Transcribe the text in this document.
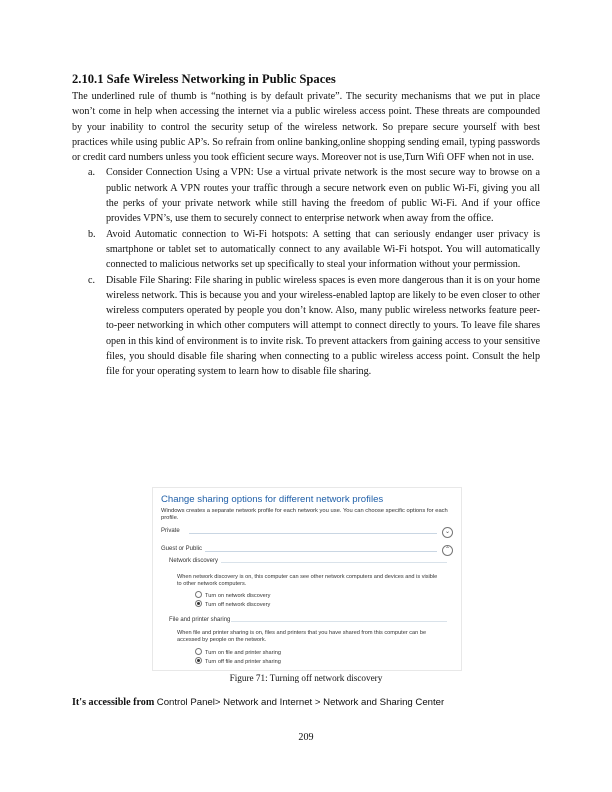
2.10.1 Safe Wireless Networking in Public Spaces

The underlined rule of thumb is “nothing is by default private”. The security mechanisms that we put in place won’t come in help when accessing the internet via a public wireless access point. These threats are compounded by your inability to control the security setup of the wireless network. So prepare secure yourself with best practices while using public AP’s. So refrain from online banking,online shopping sending email, typing passwords or credit card numbers unless you took efficient secure ways. Moreover not is use,Turn Wifi OFF when not in use.

a. Consider Connection Using a VPN: Use a virtual private network is the most secure way to browse on a public network A VPN routes your traffic through a secure network even on public Wi-Fi, giving you all the perks of your private network while still having the freedom of public Wi-Fi. And if your office provides VPN’s, use them to securely connect to enterprise network when away from the office.
b. Avoid Automatic connection to Wi-Fi hotspots: A setting that can seriously endanger user privacy is smartphone or tablet set to automatically connect to any available Wi-Fi hotspot. You will automatically connected to malicious networks set up specifically to steal your information without your permission.
c. Disable File Sharing: File sharing in public wireless spaces is even more dangerous than it is on your home wireless network. This is because you and your wireless-enabled laptop are likely to be even closer to other wireless computers operated by people you don’t know. Also, many public wireless networks feature peer-to-peer networking in which other computers will attempt to connect directly to yours. To leave file shares open in this kind of environment is to invite risk. To prevent attackers from gaining access to your sensitive files, you should disable file sharing when connecting to a public wireless access point. Consult the help file for your operating system to learn how to disable file sharing.
Change sharing options for different network profiles
Windows creates a separate network profile for each network you use. You can choose specific options for each profile.
Private	⌄
Guest or Public	⌃
Network discovery
When network discovery is on, this computer can see other network computers and devices and is visible to other network computers.
Turn on network discovery
Turn off network discovery
File and printer sharing
When file and printer sharing is on, files and printers that you have shared from this computer can be accessed by people on the network.
Turn on file and printer sharing
Turn off file and printer sharing
Figure 71: Turning off network discovery
It's accessible from Control Panel> Network and Internet > Network and Sharing Center
209
